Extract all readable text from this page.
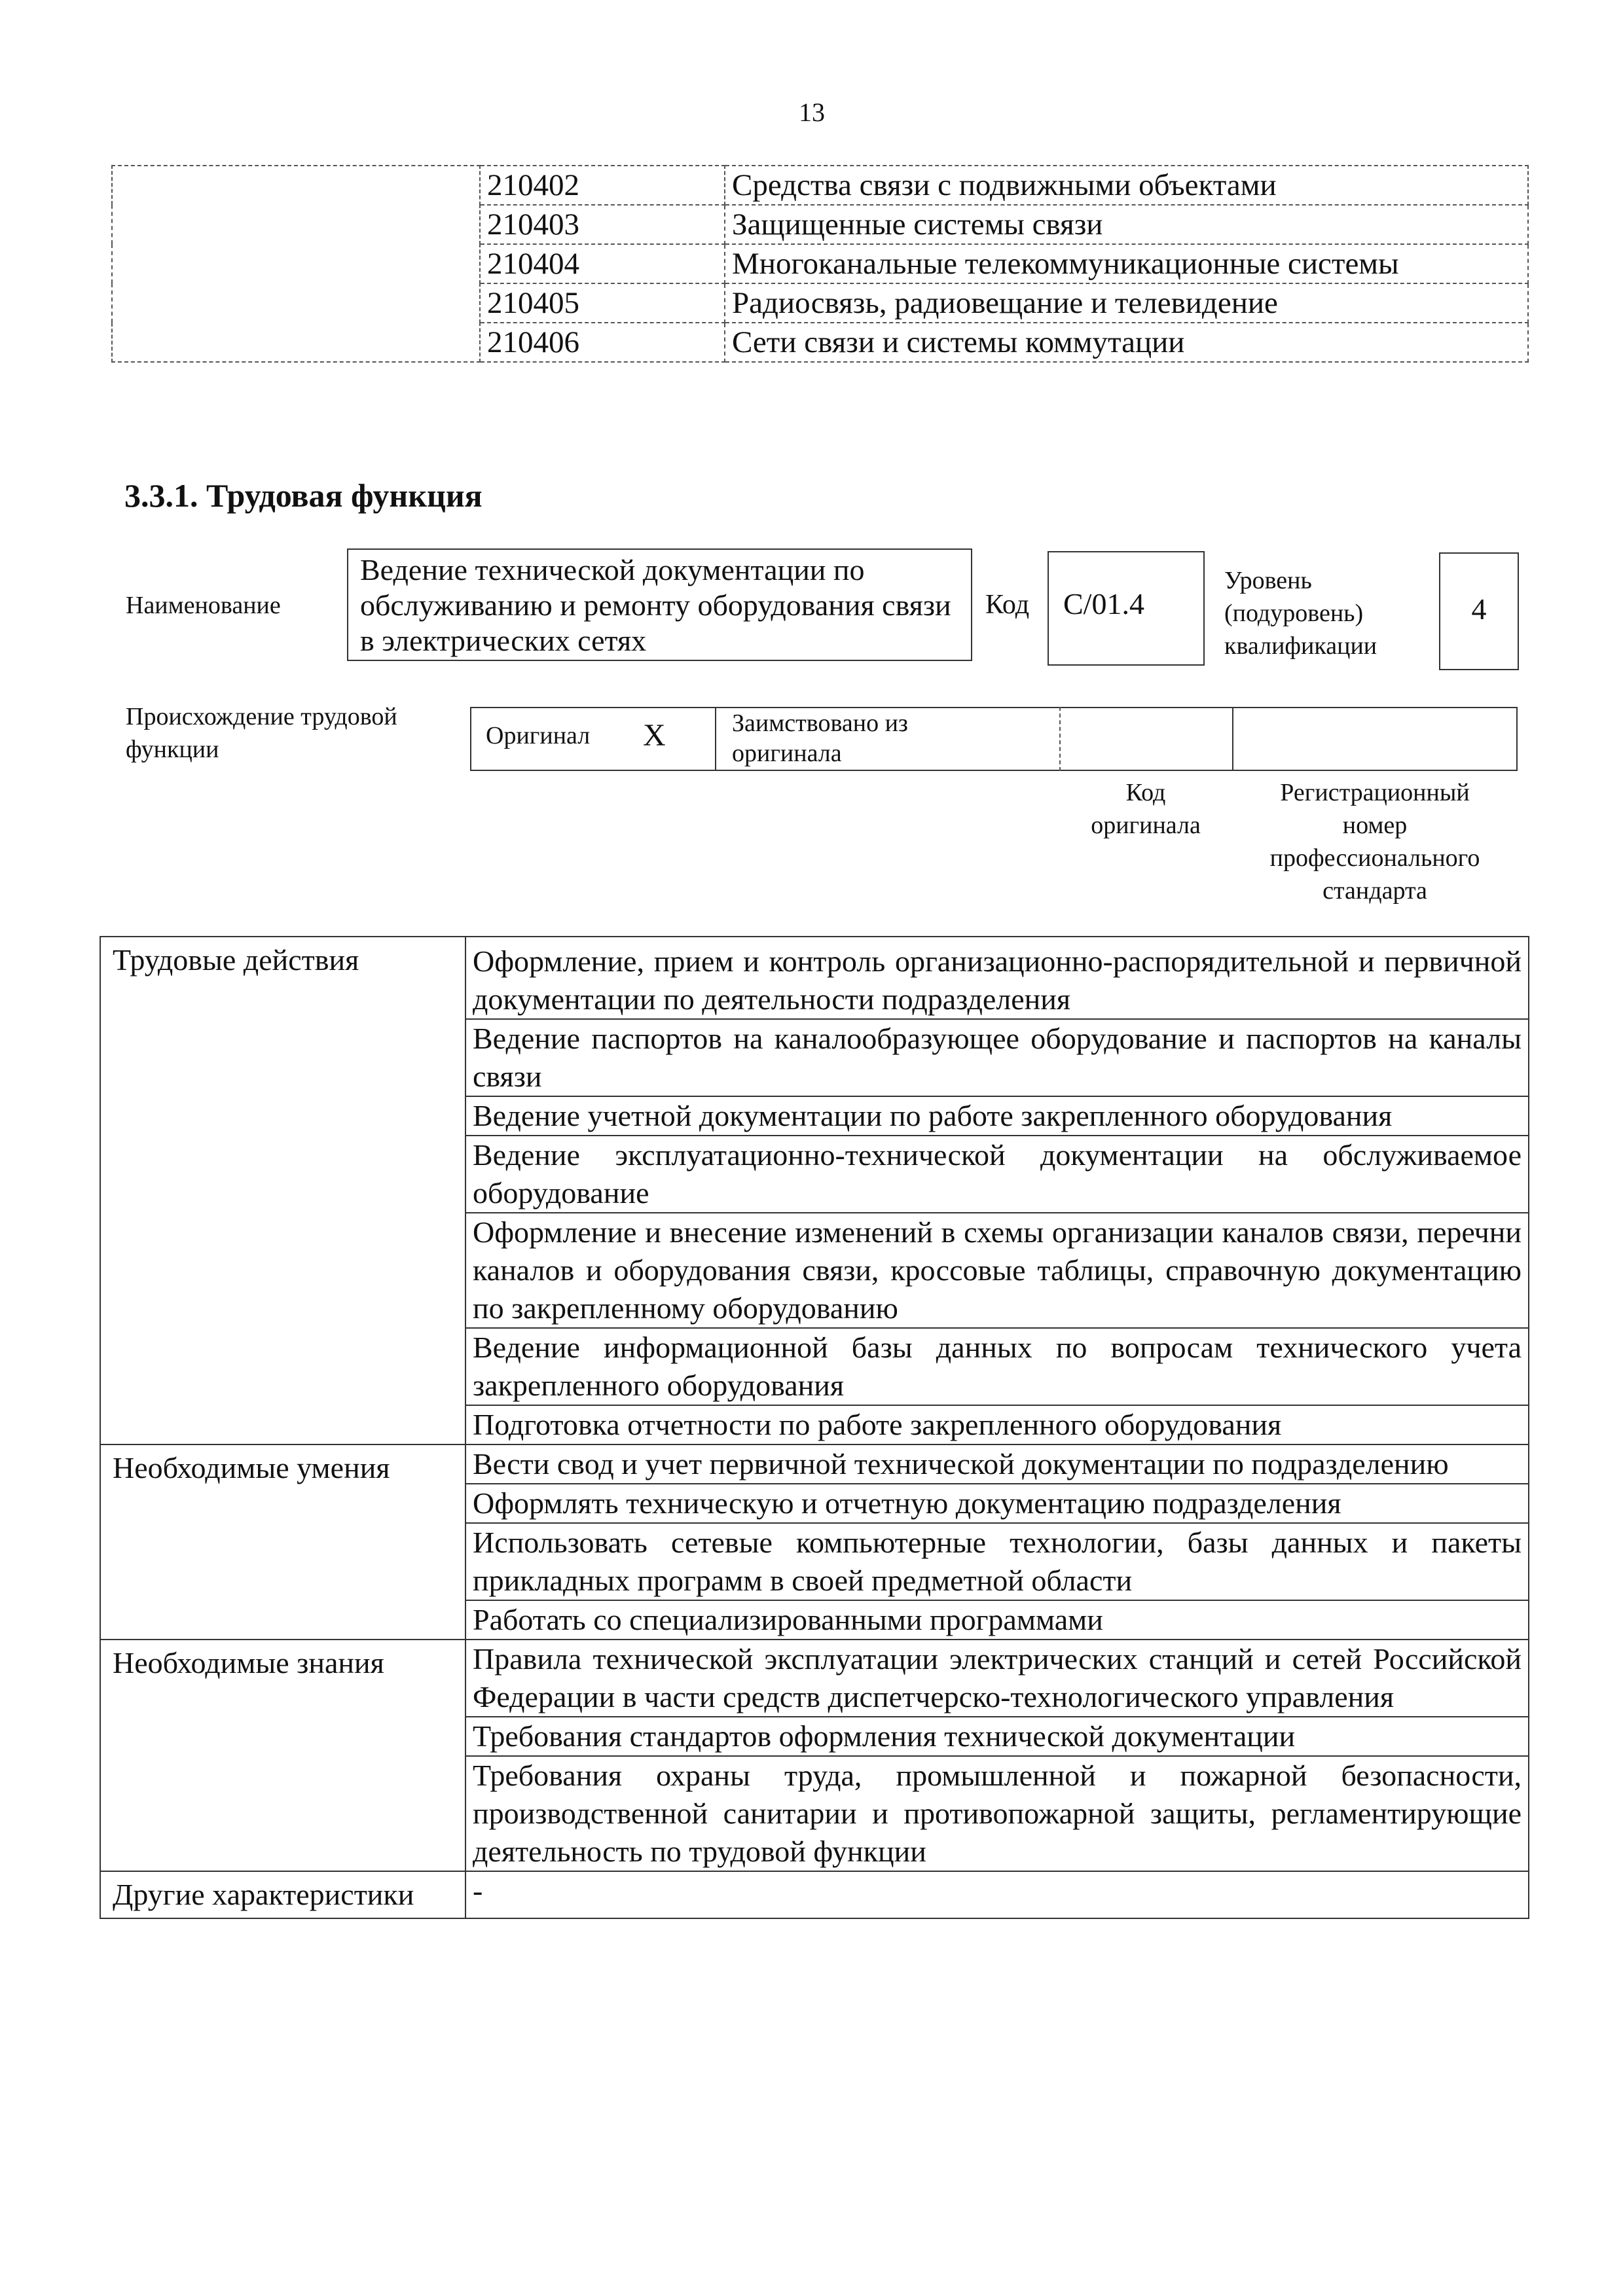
13
	210402	Средства связи с подвижными объектами
	210403	Защищенные системы связи
	210404	Многоканальные телекоммуникационные системы
	210405	Радиосвязь, радиовещание и телевидение
	210406	Сети связи и системы коммутации
3.3.1. Трудовая функция
Наименование
Ведение технической документации по обслуживанию и ремонту оборудования связи в электрических сетях
Код	C/01.4
Уровень (подуровень) квалификации
4
Происхождение трудовой функции	Оригинал X	Заимствовано из оригинала
Код оригинала
Регистрационный номер профессионального стандарта
Трудовые действия	Оформление, прием и контроль организационно-распорядительной и первичной документации по деятельности подразделения
	Ведение паспортов на каналообразующее оборудование и паспортов на каналы связи
	Ведение учетной документации по работе закрепленного оборудования
	Ведение эксплуатационно-технической документации на обслуживаемое оборудование
	Оформление и внесение изменений в схемы организации каналов связи, перечни каналов и оборудования связи, кроссовые таблицы, справочную документацию по закрепленному оборудованию
	Ведение информационной базы данных по вопросам технического учета закрепленного оборудования
	Подготовка отчетности по работе закрепленного оборудования
Необходимые умения	Вести свод и учет первичной технической документации по подразделению
	Оформлять техническую и отчетную документацию подразделения
	Использовать сетевые компьютерные технологии, базы данных и пакеты прикладных программ в своей предметной области
	Работать со специализированными программами
Необходимые знания	Правила технической эксплуатации электрических станций и сетей Российской Федерации в части средств диспетчерско-технологического управления
	Требования стандартов оформления технической документации
	Требования охраны труда, промышленной и пожарной безопасности, производственной санитарии и противопожарной защиты, регламентирующие деятельность по трудовой функции
Другие характеристики	-
